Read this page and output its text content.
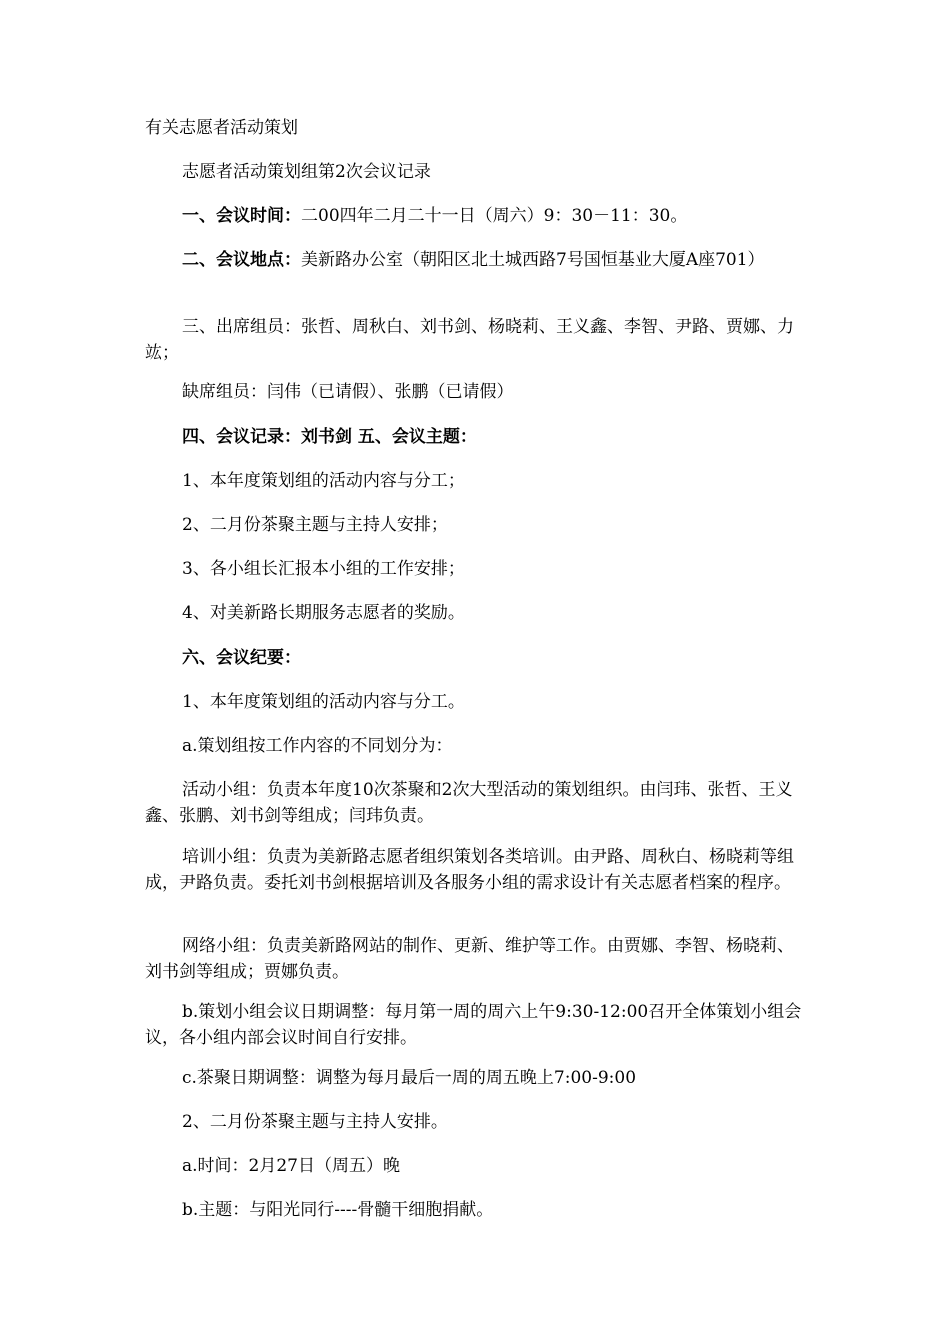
有关志愿者活动策划

志愿者活动策划组第2次会议记录

一、会议时间：二00四年二月二十一日（周六）9：30－11：30。

二、会议地点：美新路办公室（朝阳区北土城西路7号国恒基业大厦A座701）

三、出席组员：张哲、周秋白、刘书剑、杨晓莉、王义鑫、李智、尹路、贾娜、力竑；

缺席组员：闫伟（已请假）、张鹏（已请假）

四、会议记录：刘书剑 五、会议主题：

1、本年度策划组的活动内容与分工；

2、二月份茶聚主题与主持人安排；

3、各小组长汇报本小组的工作安排；

4、对美新路长期服务志愿者的奖励。

六、会议纪要：

1、本年度策划组的活动内容与分工。

a.策划组按工作内容的不同划分为：

活动小组：负责本年度10次茶聚和2次大型活动的策划组织。由闫玮、张哲、王义鑫、张鹏、刘书剑等组成；闫玮负责。

培训小组：负责为美新路志愿者组织策划各类培训。由尹路、周秋白、杨晓莉等组成，尹路负责。委托刘书剑根据培训及各服务小组的需求设计有关志愿者档案的程序。

网络小组：负责美新路网站的制作、更新、维护等工作。由贾娜、李智、杨晓莉、刘书剑等组成；贾娜负责。

b.策划小组会议日期调整：每月第一周的周六上午9:30-12:00召开全体策划小组会议，各小组内部会议时间自行安排。

c.茶聚日期调整：调整为每月最后一周的周五晚上7:00-9:00

2、二月份茶聚主题与主持人安排。

a.时间：2月27日（周五）晚

b.主题：与阳光同行----骨髓干细胞捐献。
